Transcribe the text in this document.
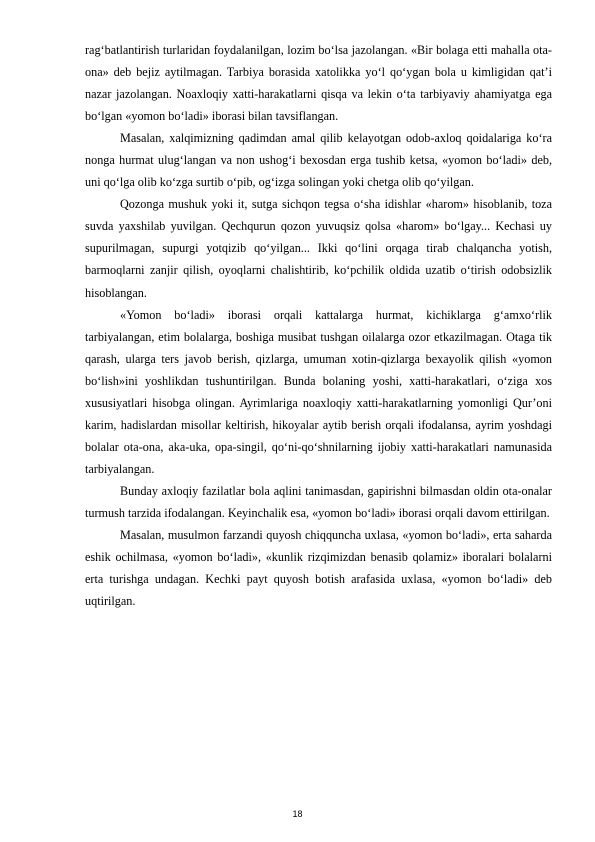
rag‘batlantirish turlaridan foydalanilgan, lozim bo‘lsa jazolangan. «Bir bolaga etti mahalla ota-ona» deb bejiz aytilmagan. Tarbiya borasida xatolikka yo‘l qo‘ygan bola u kimligidan qat’i nazar jazolangan. Noaxloqiy xatti-harakatlarni qisqa va lekin o‘ta tarbiyaviy ahamiyatga ega bo‘lgan «yomon bo‘ladi» iborasi bilan tavsiflangan.

Masalan, xalqimizning qadimdan amal qilib kelayotgan odob-axloq qoidalariga ko‘ra nonga hurmat ulug‘langan va non ushog‘i bexosdan erga tushib ketsa, «yomon bo‘ladi» deb, uni qo‘lga olib ko‘zga surtib o‘pib, og‘izga solingan yoki chetga olib qo‘yilgan.

Qozonga mushuk yoki it, sutga sichqon tegsa o‘sha idishlar «harom» hisoblanib, toza suvda yaxshilab yuvilgan. Qechqurun qozon yuvuqsiz qolsa «harom» bo‘lgay... Kechasi uy supurilmagan, supurgi yotqizib qo‘yilgan... Ikki qo‘lini orqaga tirab chalqancha yotish, barmoqlarni zanjir qilish, oyoqlarni chalishtirib, ko‘pchilik oldida uzatib o‘tirish odobsizlik hisoblangan.

«Yomon bo‘ladi» iborasi orqali kattalarga hurmat, kichiklarga g‘amxo‘rlik tarbiyalangan, etim bolalarga, boshiga musibat tushgan oilalarga ozor etkazilmagan. Otaga tik qarash, ularga ters javob berish, qizlarga, umuman xotin-qizlarga bexayolik qilish «yomon bo‘lish»ini yoshlikdan tushuntirilgan. Bunda bolaning yoshi, xatti-harakatlari, o‘ziga xos xususiyatlari hisobga olingan. Ayrimlariga noaxloqiy xatti-harakatlarning yomonligi Qur’oni karim, hadislardan misollar keltirish, hikoyalar aytib berish orqali ifodalansa, ayrim yoshdagi bolalar ota-ona, aka-uka, opa-singil, qo‘ni-qo‘shnilarning ijobiy xatti-harakatlari namunasida tarbiyalangan.

Bunday axloqiy fazilatlar bola aqlini tanimasdan, gapirishni bilmasdan oldin ota-onalar turmush tarzida ifodalangan. Keyinchalik esa, «yomon bo‘ladi» iborasi orqali davom ettirilgan.

Masalan, musulmon farzandi quyosh chiqquncha uxlasa, «yomon bo‘ladi», erta saharda eshik ochilmasa, «yomon bo‘ladi», «kunlik rizqimizdan benasib qolamiz» iboralari bolalarni erta turishga undagan. Kechki payt quyosh botish arafasida uxlasa, «yomon bo‘ladi» deb uqtirilgan.

18
